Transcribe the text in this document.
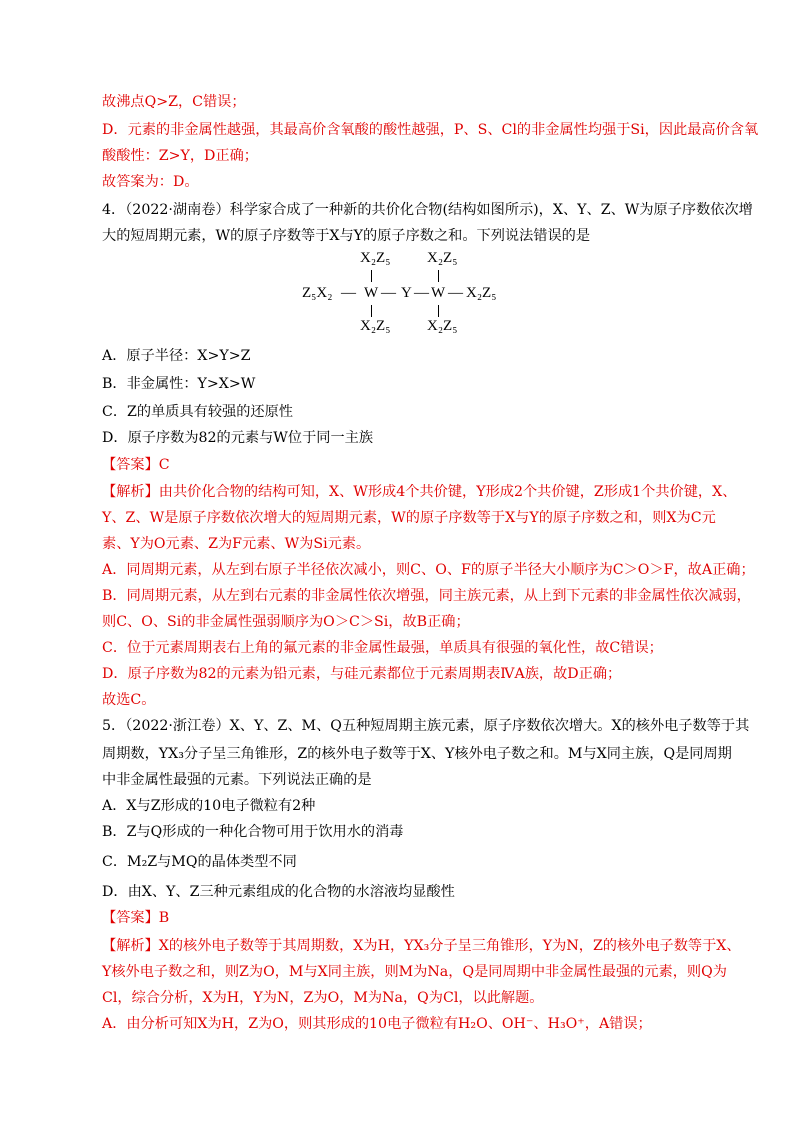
故沸点Q>Z，C错误；
D．元素的非金属性越强，其最高价含氧酸的酸性越强，P、S、Cl的非金属性均强于Si，因此最高价含氧
酸酸性：Z>Y，D正确；
故答案为：D。
4．（2022·湖南卷）科学家合成了一种新的共价化合物(结构如图所示)，X、Y、Z、W为原子序数依次增
大的短周期元素，W的原子序数等于X与Y的原子序数之和。下列说法错误的是
X₂Z₅ X₂Z₅
Z₅X₂ — W — Y — W — X₂Z₅
X₂Z₅ X₂Z₅
A．原子半径：X>Y>Z
B．非金属性：Y>X>W
C．Z的单质具有较强的还原性
D．原子序数为82的元素与W位于同一主族
【答案】C
【解析】由共价化合物的结构可知，X、W形成4个共价键，Y形成2个共价键，Z形成1个共价键，X、
Y、Z、W是原子序数依次增大的短周期元素，W的原子序数等于X与Y的原子序数之和，则X为C元
素、Y为O元素、Z为F元素、W为Si元素。
A．同周期元素，从左到右原子半径依次减小，则C、O、F的原子半径大小顺序为C＞O＞F，故A正确；
B．同周期元素，从左到右元素的非金属性依次增强，同主族元素，从上到下元素的非金属性依次减弱，
则C、O、Si的非金属性强弱顺序为O＞C＞Si，故B正确；
C．位于元素周期表右上角的氟元素的非金属性最强，单质具有很强的氧化性，故C错误；
D．原子序数为82的元素为铅元素，与硅元素都位于元素周期表ⅣA族，故D正确；
故选C。
5．（2022·浙江卷）X、Y、Z、M、Q五种短周期主族元素，原子序数依次增大。X的核外电子数等于其
周期数，YX₃分子呈三角锥形，Z的核外电子数等于X、Y核外电子数之和。M与X同主族，Q是同周期
中非金属性最强的元素。下列说法正确的是
A．X与Z形成的10电子微粒有2种
B．Z与Q形成的一种化合物可用于饮用水的消毒
C．M₂Z与MQ的晶体类型不同
D．由X、Y、Z三种元素组成的化合物的水溶液均显酸性
【答案】B
【解析】X的核外电子数等于其周期数，X为H，YX₃分子呈三角锥形，Y为N，Z的核外电子数等于X、
Y核外电子数之和，则Z为O，M与X同主族，则M为Na，Q是同周期中非金属性最强的元素，则Q为
Cl，综合分析，X为H，Y为N，Z为O，M为Na，Q为Cl，以此解题。
A．由分析可知X为H，Z为O，则其形成的10电子微粒有H₂O、OH⁻、H₃O⁺，A错误；
